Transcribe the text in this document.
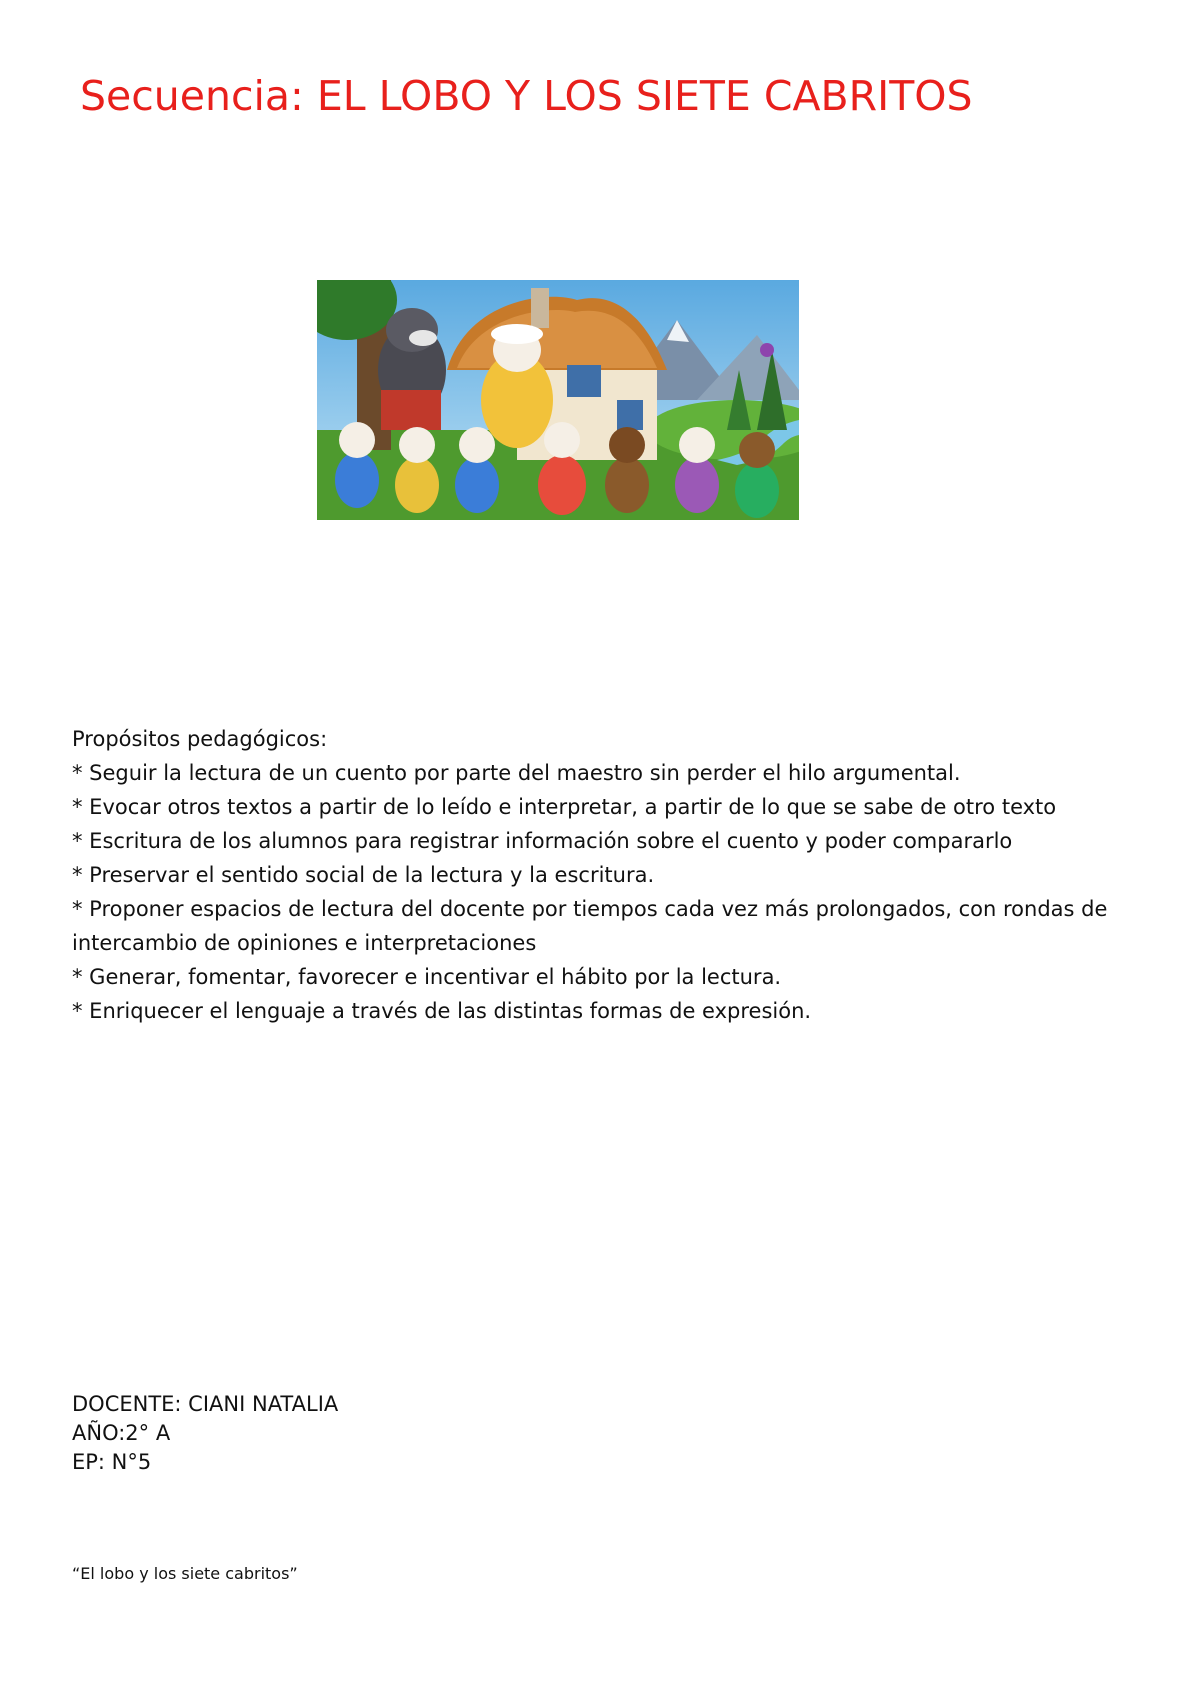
Secuencia: EL LOBO Y LOS SIETE CABRITOS

Propósitos pedagógicos:

* Seguir la lectura de un cuento por parte del maestro sin perder el hilo argumental.

* Evocar otros textos a partir de lo leído e interpretar, a partir de lo que se sabe de otro texto

* Escritura de los alumnos para registrar información sobre el cuento y poder compararlo

* Preservar el sentido social de la lectura y la escritura.

* Proponer espacios de lectura del docente por tiempos cada vez más prolongados, con rondas de intercambio de opiniones e interpretaciones

* Generar, fomentar, favorecer e incentivar el hábito por la lectura.

* Enriquecer el lenguaje a través de las distintas formas de expresión.

DOCENTE: CIANI NATALIA

AÑO:2° A

EP: N°5

“El lobo y los siete cabritos”
